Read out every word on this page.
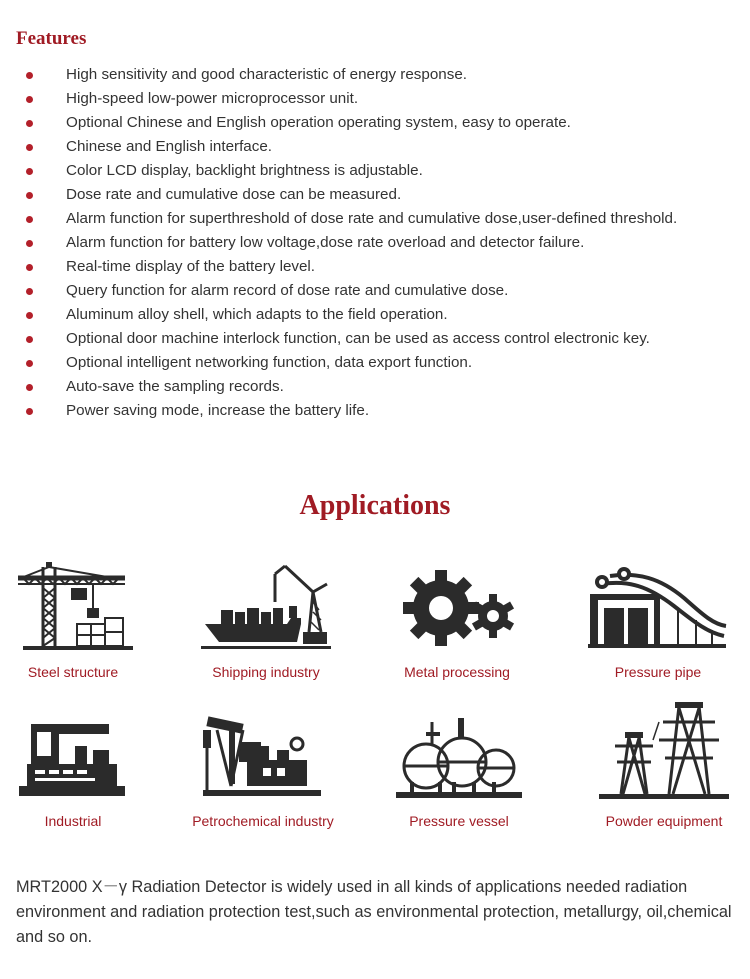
Features
High sensitivity and good characteristic of energy response.
High-speed low-power microprocessor unit.
Optional Chinese and English operation operating system, easy to operate.
Chinese and English interface.
Color LCD display, backlight brightness is adjustable.
Dose rate and cumulative dose can be measured.
Alarm function for superthreshold of dose rate and cumulative dose,user-defined threshold.
Alarm function for battery low voltage,dose rate overload and detector failure.
Real-time display of the battery level.
Query function for alarm record of dose rate and cumulative dose.
Aluminum alloy shell, which adapts to the field operation.
Optional door machine interlock function, can be used as access control electronic key.
Optional intelligent networking function, data export function.
Auto-save the sampling records.
Power saving mode, increase the battery life.
Applications
Steel structure	Shipping industry	Metal processing	Pressure pipe
Industrial	Petrochemical industry	Pressure vessel	Powder equipment

MRT2000 X－γ Radiation Detector is widely used in all kinds of applications needed radiation environment and radiation protection test,such as environmental protection, metallurgy, oil,chemical and so on.
